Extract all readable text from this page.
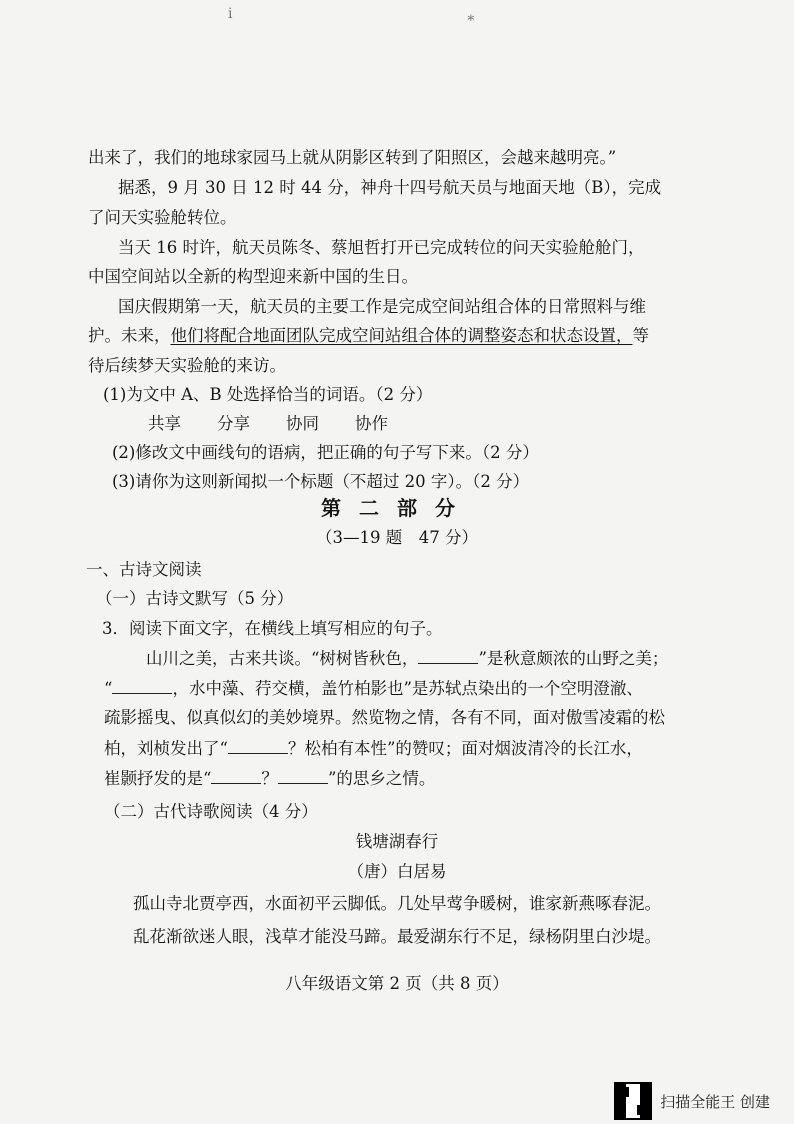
ⅰ	∗
出来了，我们的地球家园马上就从阴影区转到了阳照区，会越来越明亮。”
据悉，9 月 30 日 12 时 44 分，神舟十四号航天员与地面天地（B），完成
了问天实验舱转位。
当天 16 时许，航天员陈冬、蔡旭哲打开已完成转位的问天实验舱舱门，
中国空间站以全新的构型迎来新中国的生日。
国庆假期第一天，航天员的主要工作是完成空间站组合体的日常照料与维
护。未来，他们将配合地面团队完成空间站组合体的调整姿态和状态设置，等
待后续梦天实验舱的来访。
(1)为文中 A、B 处选择恰当的词语。（2 分）
共享 分享 协同 协作
(2)修改文中画线句的语病，把正确的句子写下来。（2 分）
(3)请你为这则新闻拟一个标题（不超过 20 字）。（2 分）
第二部分
（3—19 题　47 分）
一、古诗文阅读
（一）古诗文默写（5 分）
3．阅读下面文字，在横线上填写相应的句子。
山川之美，古来共谈。“树树皆秋色，	”是秋意颇浓的山野之美；
“	，水中藻、荇交横，盖竹柏影也”是苏轼点染出的一个空明澄澈、
疏影摇曳、似真似幻的美妙境界。然览物之情，各有不同，面对傲雪凌霜的松
柏，刘桢发出了“	？松柏有本性”的赞叹；面对烟波清冷的长江水，
崔颢抒发的是“	？	”的思乡之情。
（二）古代诗歌阅读（4 分）
钱塘湖春行
（唐）白居易
孤山寺北贾亭西，水面初平云脚低。几处早莺争暖树，谁家新燕啄春泥。
乱花渐欲迷人眼，浅草才能没马蹄。最爱湖东行不足，绿杨阴里白沙堤。
八年级语文第 2 页（共 8 页）
扫描全能王 创建
